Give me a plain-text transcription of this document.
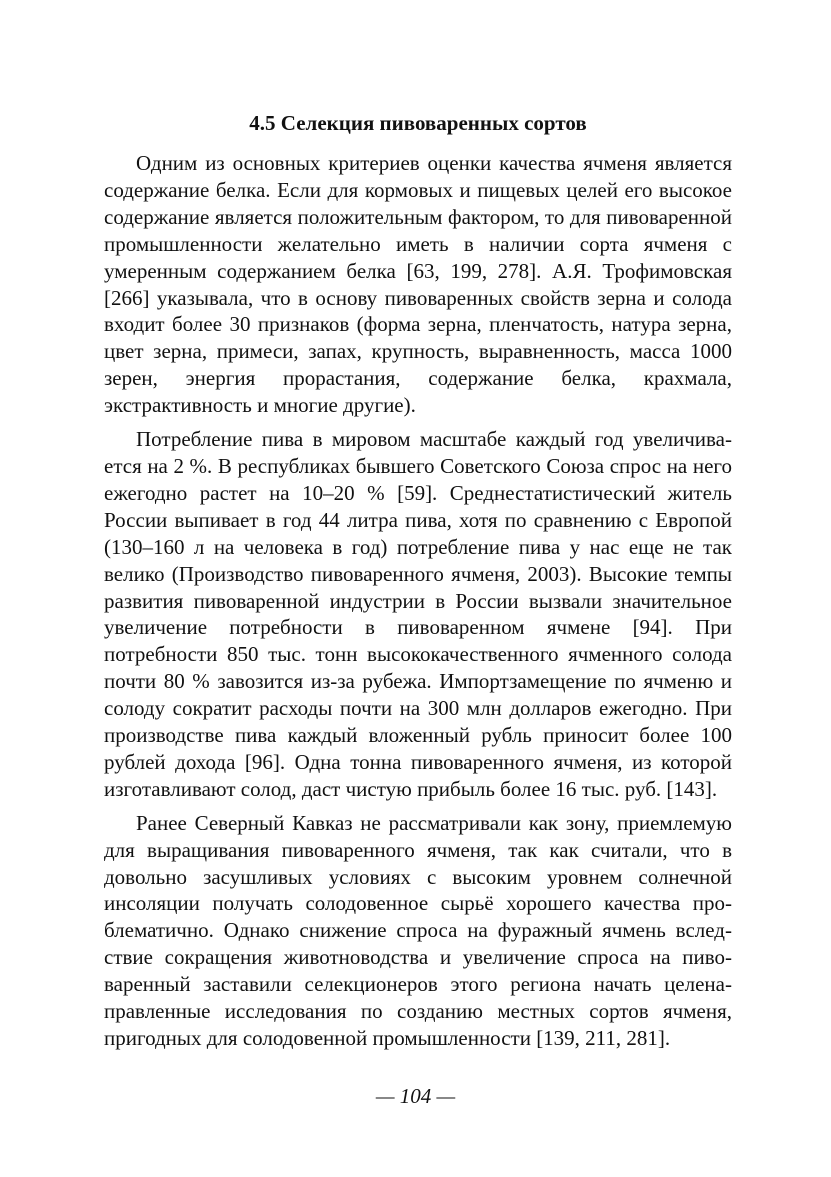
4.5 Селекция пивоваренных сортов

Одним из основных критериев оценки качества ячменя является содержание белка. Если для кормовых и пищевых целей его высокое содержание является положительным фактором, то для пивоваренной промышленности желательно иметь в наличии сорта ячменя с умеренным содержанием белка [63, 199, 278]. А.Я. Трофимовская [266] указывала, что в основу пивоваренных свойств зерна и солода входит более 30 признаков (форма зерна, пленчатость, натура зерна, цвет зерна, примеси, запах, крупность, выравненность, масса 1000 зерен, энергия прорастания, содержание белка, крахмала, экстрактивность и многие другие).

Потребление пива в мировом масштабе каждый год увеличивается на 2 %. В республиках бывшего Советского Союза спрос на него ежегодно растет на 10–20 % [59]. Среднестатистический житель России выпивает в год 44 литра пива, хотя по сравнению с Европой (130–160 л на человека в год) потребление пива у нас еще не так велико (Производство пивоваренного ячменя, 2003). Высокие темпы развития пивоваренной индустрии в России вызвали значительное увеличение потребности в пивоваренном ячмене [94]. При потребности 850 тыс. тонн высококачественного ячменного солода почти 80 % завозится из-за рубежа. Импортзамещение по ячменю и солоду сократит расходы почти на 300 млн долларов ежегодно. При производстве пива каждый вложенный рубль приносит более 100 рублей дохода [96]. Одна тонна пивоваренного ячменя, из которой изготавливают солод, даст чистую прибыль более 16 тыс. руб. [143].

Ранее Северный Кавказ не рассматривали как зону, приемлемую для выращивания пивоваренного ячменя, так как считали, что в довольно засушливых условиях с высоким уровнем солнечной инсоляции получать солодовенное сырьё хорошего качества проблематично. Однако снижение спроса на фуражный ячмень вследствие сокращения животноводства и увеличение спроса на пивоваренный заставили селекционеров этого региона начать целенаправленные исследования по созданию местных сортов ячменя, пригодных для солодовенной промышленности [139, 211, 281].

— 104 —
